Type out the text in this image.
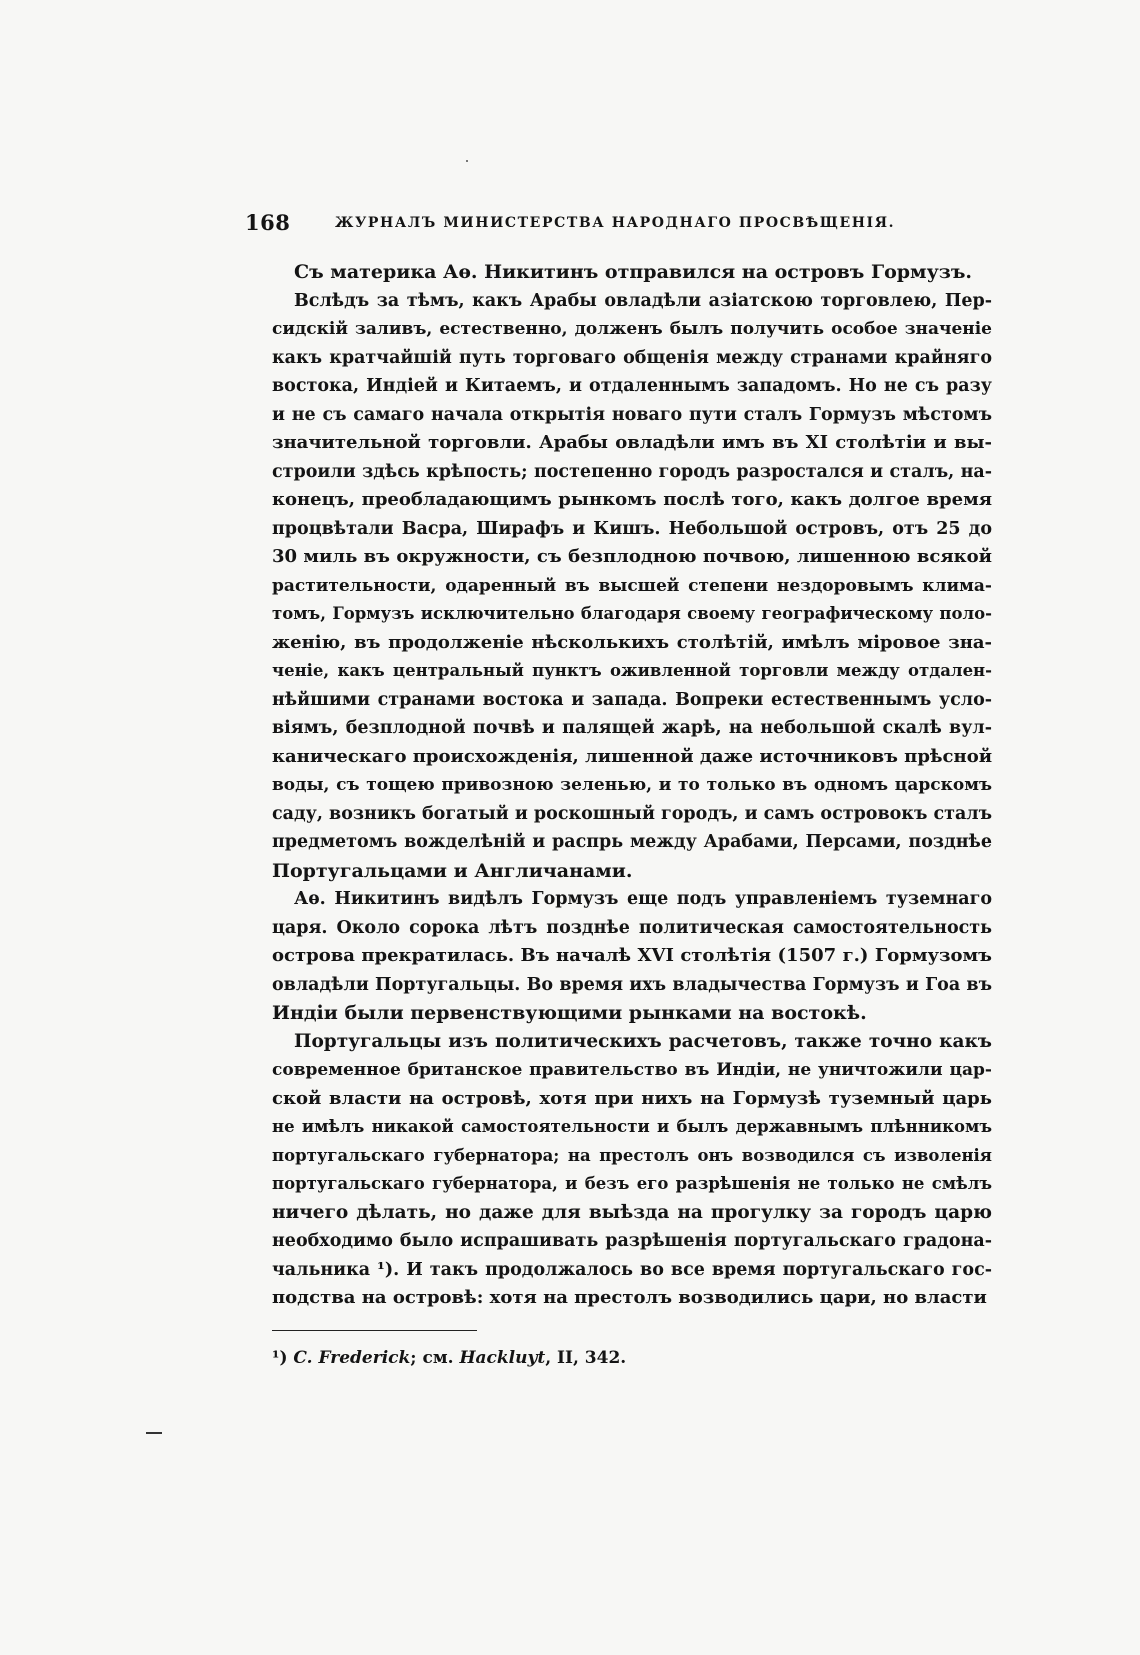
168	ЖУРНАЛЪ МИНИСТЕРСТВА НАРОДНАГО ПРОСВѢЩЕНІЯ.
Съ материка Аѳ. Никитинъ отправился на островъ Гормузъ.
Вслѣдъ за тѣмъ, какъ Арабы овладѣли азіатскою торговлею, Пер-
сидскій заливъ, естественно, долженъ былъ получить особое значеніе
какъ кратчайшій путь торговаго общенія между странами крайняго
востока, Индіей и Китаемъ, и отдаленнымъ западомъ. Но не съ разу
и не съ самаго начала открытія новаго пути сталъ Гормузъ мѣстомъ
значительной торговли. Арабы овладѣли имъ въ XI столѣтіи и вы-
строили здѣсь крѣпость; постепенно городъ разростался и сталъ, на-
конецъ, преобладающимъ рынкомъ послѣ того, какъ долгое время
процвѣтали Васра, Ширафъ и Кишъ. Небольшой островъ, отъ 25 до
30 миль въ окружности, съ безплодною почвою, лишенною всякой
растительности, одаренный въ высшей степени нездоровымъ клима-
томъ, Гормузъ исключительно благодаря своему географическому поло-
женію, въ продолженіе нѣсколькихъ столѣтій, имѣлъ міровое зна-
ченіе, какъ центральный пунктъ оживленной торговли между отдален-
нѣйшими странами востока и запада. Вопреки естественнымъ усло-
віямъ, безплодной почвѣ и палящей жарѣ, на небольшой скалѣ вул-
каническаго происхожденія, лишенной даже источниковъ прѣсной
воды, съ тощею привозною зеленью, и то только въ одномъ царскомъ
саду, возникъ богатый и роскошный городъ, и самъ островокъ сталъ
предметомъ вожделѣній и распрь между Арабами, Персами, позднѣе
Португальцами и Англичанами.
Аѳ. Никитинъ видѣлъ Гормузъ еще подъ управленіемъ туземнаго
царя. Около сорока лѣтъ позднѣе политическая самостоятельность
острова прекратилась. Въ началѣ XVI столѣтія (1507 г.) Гормузомъ
овладѣли Португальцы. Во время ихъ владычества Гормузъ и Гоа въ
Индіи были первенствующими рынками на востокѣ.
Португальцы изъ политическихъ расчетовъ, также точно какъ
современное британское правительство въ Индіи, не уничтожили цар-
ской власти на островѣ, хотя при нихъ на Гормузѣ туземный царь
не имѣлъ никакой самостоятельности и былъ державнымъ плѣнникомъ
португальскаго губернатора; на престолъ онъ возводился съ изволенія
португальскаго губернатора, и безъ его разрѣшенія не только не смѣлъ
ничего дѣлать, но даже для выѣзда на прогулку за городъ царю
необходимо было испрашивать разрѣшенія португальскаго градона-
чальника ¹). И такъ продолжалось во все время португальскаго гос-
подства на островѣ: хотя на престолъ возводились цари, но власти
¹) C. Frederick; см. Hackluyt, II, 342.
